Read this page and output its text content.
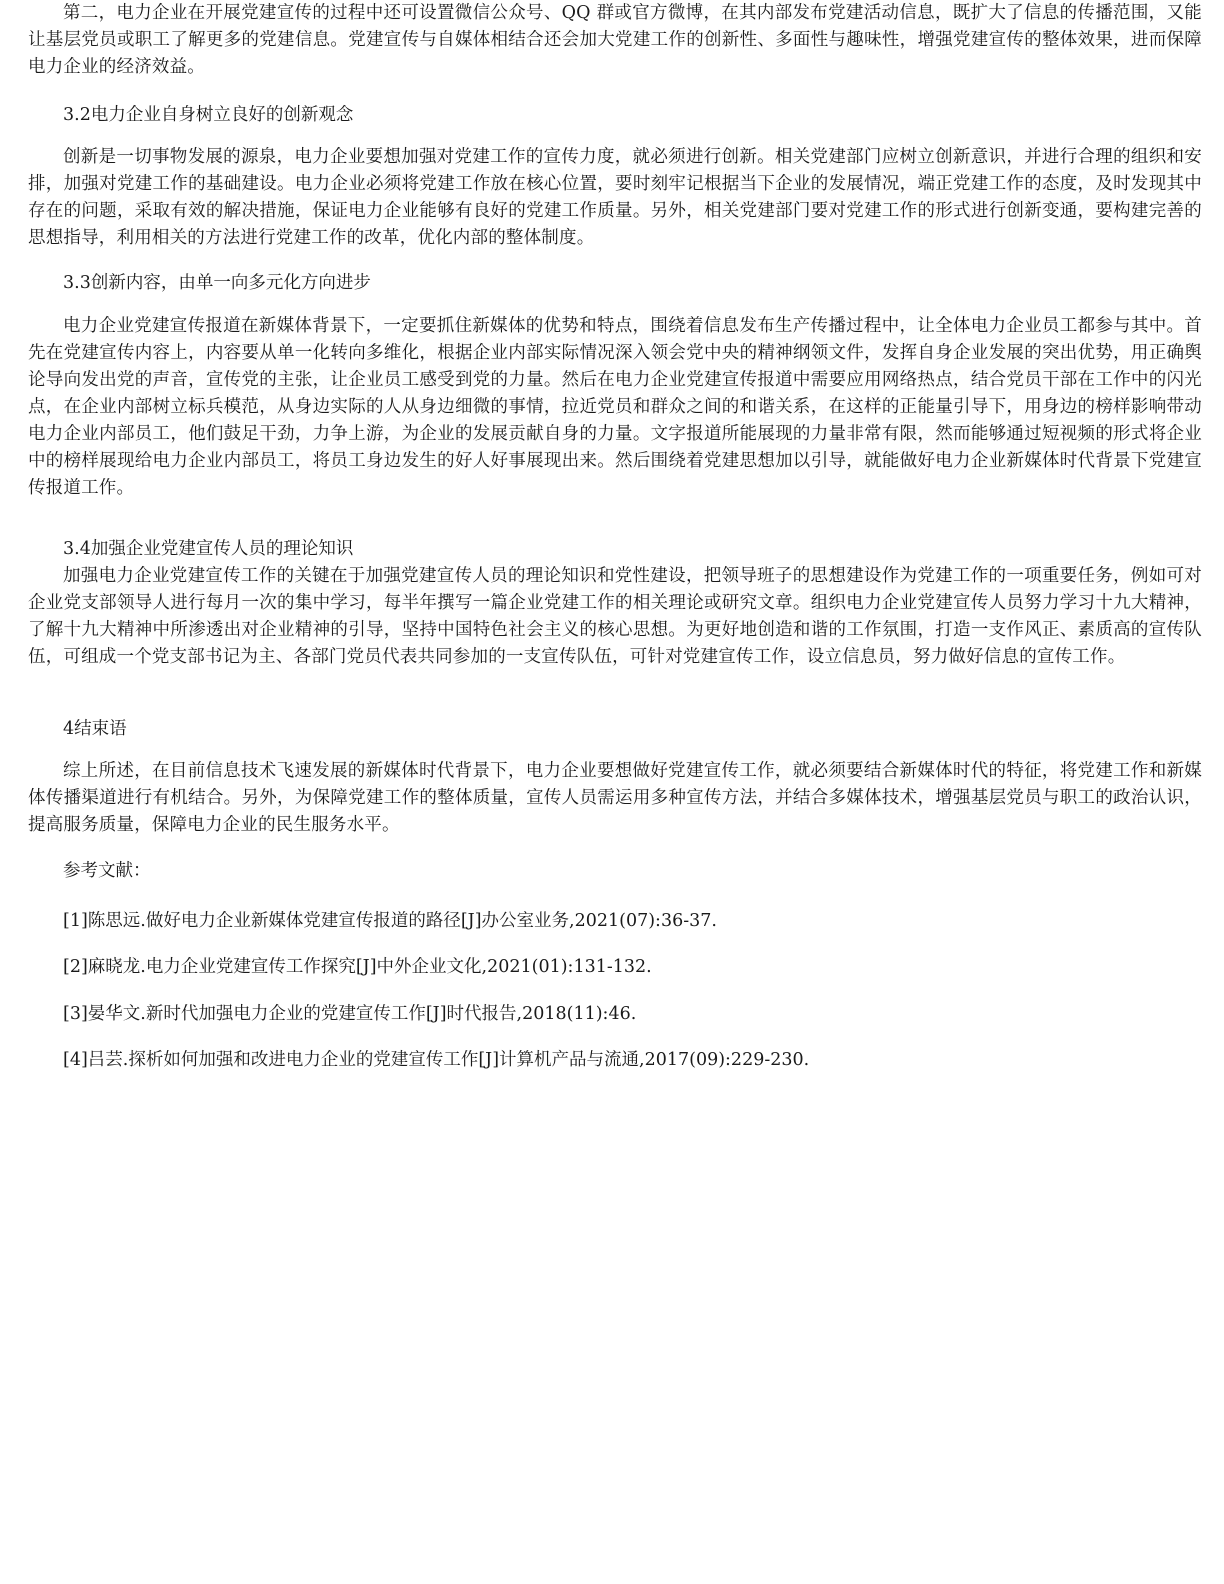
第二，电力企业在开展党建宣传的过程中还可设置微信公众号、QQ 群或官方微博，在其内部发布党建活动信息，既扩大了信息的传播范围，又能让基层党员或职工了解更多的党建信息。党建宣传与自媒体相结合还会加大党建工作的创新性、多面性与趣味性，增强党建宣传的整体效果，进而保障电力企业的经济效益。

3.2电力企业自身树立良好的创新观念

创新是一切事物发展的源泉，电力企业要想加强对党建工作的宣传力度，就必须进行创新。相关党建部门应树立创新意识，并进行合理的组织和安排，加强对党建工作的基础建设。电力企业必须将党建工作放在核心位置，要时刻牢记根据当下企业的发展情况，端正党建工作的态度，及时发现其中存在的问题，采取有效的解决措施，保证电力企业能够有良好的党建工作质量。另外，相关党建部门要对党建工作的形式进行创新变通，要构建完善的思想指导，利用相关的方法进行党建工作的改革，优化内部的整体制度。

3.3创新内容，由单一向多元化方向进步

电力企业党建宣传报道在新媒体背景下，一定要抓住新媒体的优势和特点，围绕着信息发布生产传播过程中，让全体电力企业员工都参与其中。首先在党建宣传内容上，内容要从单一化转向多维化，根据企业内部实际情况深入领会党中央的精神纲领文件，发挥自身企业发展的突出优势，用正确舆论导向发出党的声音，宣传党的主张，让企业员工感受到党的力量。然后在电力企业党建宣传报道中需要应用网络热点，结合党员干部在工作中的闪光点，在企业内部树立标兵模范，从身边实际的人从身边细微的事情，拉近党员和群众之间的和谐关系，在这样的正能量引导下，用身边的榜样影响带动电力企业内部员工，他们鼓足干劲，力争上游，为企业的发展贡献自身的力量。文字报道所能展现的力量非常有限，然而能够通过短视频的形式将企业中的榜样展现给电力企业内部员工，将员工身边发生的好人好事展现出来。然后围绕着党建思想加以引导，就能做好电力企业新媒体时代背景下党建宣传报道工作。

3.4加强企业党建宣传人员的理论知识

加强电力企业党建宣传工作的关键在于加强党建宣传人员的理论知识和党性建设，把领导班子的思想建设作为党建工作的一项重要任务，例如可对企业党支部领导人进行每月一次的集中学习，每半年撰写一篇企业党建工作的相关理论或研究文章。组织电力企业党建宣传人员努力学习十九大精神，了解十九大精神中所渗透出对企业精神的引导，坚持中国特色社会主义的核心思想。为更好地创造和谐的工作氛围，打造一支作风正、素质高的宣传队伍，可组成一个党支部书记为主、各部门党员代表共同参加的一支宣传队伍，可针对党建宣传工作，设立信息员，努力做好信息的宣传工作。

4结束语

综上所述，在目前信息技术飞速发展的新媒体时代背景下，电力企业要想做好党建宣传工作，就必须要结合新媒体时代的特征，将党建工作和新媒体传播渠道进行有机结合。另外，为保障党建工作的整体质量，宣传人员需运用多种宣传方法，并结合多媒体技术，增强基层党员与职工的政治认识，提高服务质量，保障电力企业的民生服务水平。

参考文献：

[1]陈思远.做好电力企业新媒体党建宣传报道的路径[J]办公室业务,2021(07):36-37.

[2]麻晓龙.电力企业党建宣传工作探究[J]中外企业文化,2021(01):131-132.

[3]晏华文.新时代加强电力企业的党建宣传工作[J]时代报告,2018(11):46.

[4]吕芸.探析如何加强和改进电力企业的党建宣传工作[J]计算机产品与流通,2017(09):229-230.
